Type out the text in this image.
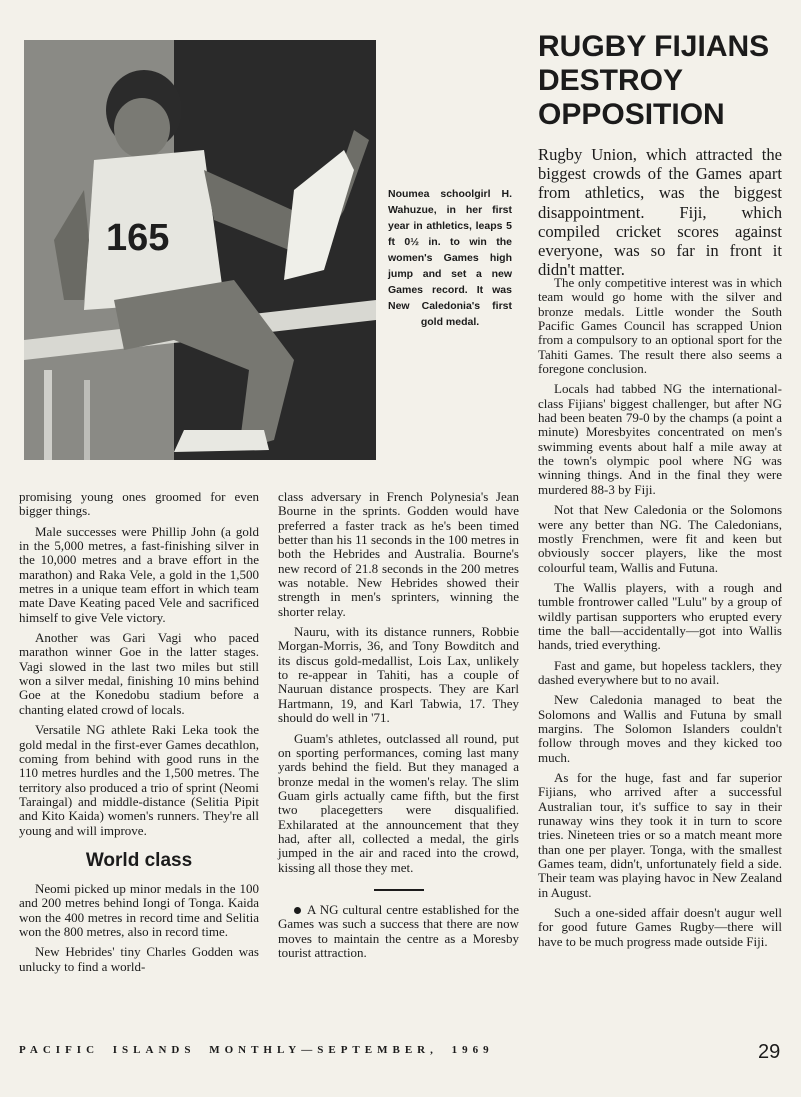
165
Noumea schoolgirl H. Wahuzue, in her first year in athletics, leaps 5 ft 0½ in. to win the women's Games high jump and set a new Games record. It was New Caledonia's first gold medal.
RUGBY FIJIANS DESTROY OPPOSITION

Rugby Union, which attracted the biggest crowds of the Games apart from athletics, was the biggest disappointment. Fiji, which compiled cricket scores against everyone, was so far in front it didn't matter.

promising young ones groomed for even bigger things.

Male successes were Phillip John (a gold in the 5,000 metres, a fast-finishing silver in the 10,000 metres and a brave effort in the marathon) and Raka Vele, a gold in the 1,500 metres in a unique team effort in which team mate Dave Keating paced Vele and sacrificed himself to give Vele victory.

Another was Gari Vagi who paced marathon winner Goe in the latter stages. Vagi slowed in the last two miles but still won a silver medal, finishing 10 mins behind Goe at the Konedobu stadium before a chanting elated crowd of locals.

Versatile NG athlete Raki Leka took the gold medal in the first-ever Games decathlon, coming from behind with good runs in the 110 metres hurdles and the 1,500 metres. The territory also produced a trio of sprint (Neomi Taraingal) and middle-distance (Selitia Pipit and Kito Kaida) women's runners. They're all young and will improve.

World class

Neomi picked up minor medals in the 100 and 200 metres behind Iongi of Tonga. Kaida won the 400 metres in record time and Selitia won the 800 metres, also in record time.

New Hebrides' tiny Charles Godden was unlucky to find a world-

class adversary in French Polynesia's Jean Bourne in the sprints. Godden would have preferred a faster track as he's been timed better than his 11 seconds in the 100 metres in both the Hebrides and Australia. Bourne's new record of 21.8 seconds in the 200 metres was notable. New Hebrides showed their strength in men's sprinters, winning the shorter relay.

Nauru, with its distance runners, Robbie Morgan-Morris, 36, and Tony Bowditch and its discus gold-medallist, Lois Lax, unlikely to re-appear in Tahiti, has a couple of Nauruan distance prospects. They are Karl Hartmann, 19, and Karl Tabwia, 17. They should do well in '71.

Guam's athletes, outclassed all round, put on sporting performances, coming last many yards behind the field. But they managed a bronze medal in the women's relay. The slim Guam girls actually came fifth, but the first two placegetters were disqualified. Exhilarated at the announcement that they had, after all, collected a medal, the girls jumped in the air and raced into the crowd, kissing all those they met.

A NG cultural centre established for the Games was such a success that there are now moves to maintain the centre as a Moresby tourist attraction.

The only competitive interest was in which team would go home with the silver and bronze medals. Little wonder the South Pacific Games Council has scrapped Union from a compulsory to an optional sport for the Tahiti Games. The result there also seems a foregone conclusion.

Locals had tabbed NG the international-class Fijians' biggest challenger, but after NG had been beaten 79-0 by the champs (a point a minute) Moresbyites concentrated on men's swimming events about half a mile away at the town's olympic pool where NG was winning things. And in the final they were murdered 88-3 by Fiji.

Not that New Caledonia or the Solomons were any better than NG. The Caledonians, mostly Frenchmen, were fit and keen but obviously soccer players, like the most colourful team, Wallis and Futuna.

The Wallis players, with a rough and tumble frontrower called "Lulu" by a group of wildly partisan supporters who erupted every time the ball—accidentally—got into Wallis hands, tried everything.

Fast and game, but hopeless tacklers, they dashed everywhere but to no avail.

New Caledonia managed to beat the Solomons and Wallis and Futuna by small margins. The Solomon Islanders couldn't follow through moves and they kicked too much.

As for the huge, fast and far superior Fijians, who arrived after a successful Australian tour, it's suffice to say in their runaway wins they took it in turn to score tries. Nineteen tries or so a match meant more than one per player. Tonga, with the smallest Games team, didn't, unfortunately field a side. Their team was playing havoc in New Zealand in August.

Such a one-sided affair doesn't augur well for good future Games Rugby—there will have to be much progress made outside Fiji.

PACIFIC ISLANDS MONTHLY—SEPTEMBER, 1969	29
